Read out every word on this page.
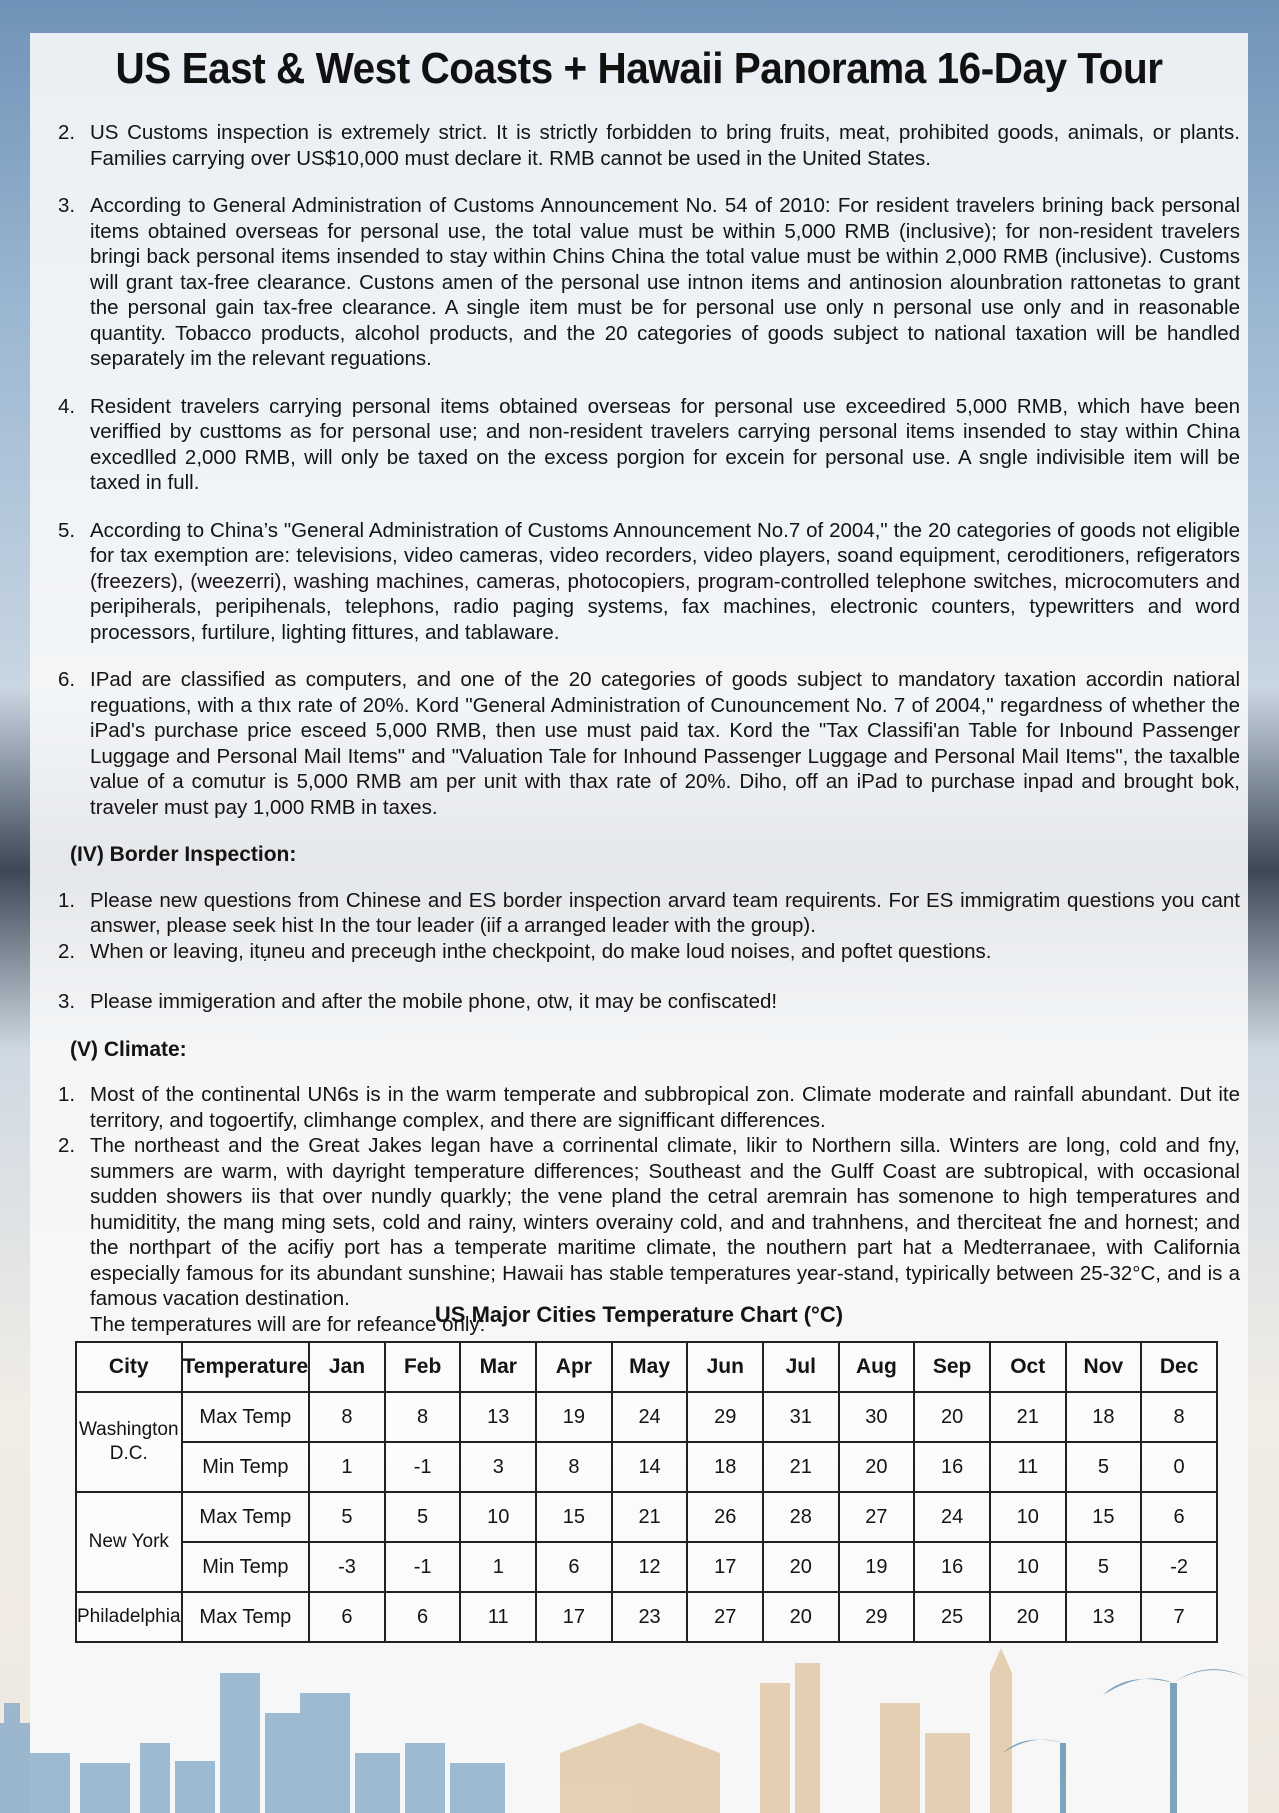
US East & West Coasts + Hawaii Panorama 16-Day Tour

2. US Customs inspection is extremely strict. It is strictly forbidden to bring fruits, meat, prohibited goods, animals, or plants. Families carrying over US$10,000 must declare it. RMB cannot be used in the United States.

3. According to General Administration of Customs Announcement No. 54 of 2010: For resident travelers brining back personal items obtained overseas for personal use, the total value must be within 5,000 RMB (inclusive); for non-resident travelers bringi back personal items insended to stay within Chins China the total value must be within 2,000 RMB (inclusive). Customs will grant tax-free clearance. Custons amen of the personal use intnon items and antinosion alounbration rattonetas to grant the personal gain tax-free clearance. A single item must be for personal use only n personal use only and in reasonable quantity. Tobacco products, alcohol products, and the 20 categories of goods subject to national taxation will be handled separately im the relevant reguations.

4. Resident travelers carrying personal items obtained overseas for personal use exceedired 5,000 RMB, which have been veriffied by custtoms as for personal use; and non-resident travelers carrying personal items insended to stay within China excedlled 2,000 RMB, will only be taxed on the excess porgion for excein for personal use. A sngle indivisible item will be taxed in full.

5. According to China’s "General Administration of Customs Announcement No.7 of 2004," the 20 categories of goods not eligible for tax exemption are: televisions, video cameras, video recorders, video players, soand equipment, ceroditioners, refigerators (freezers), (weezerri), washing machines, cameras, photocopiers, program-controlled telephone switches, microcomuters and peripiherals, peripihenals, telephons, radio paging systems, fax machines, electronic counters, typewritters and word processors, furtilure, lighting fittures, and tablaware.

6. IPad are classified as computers, and one of the 20 categories of goods subject to mandatory taxation accordin natioral reguations, with a thıx rate of 20%. Kord "General Administration of Cunouncement No. 7 of 2004," regardness of whether the iPad's purchase price esceed 5,000 RMB, then use must paid tax. Kord the "Tax Classifi'an Table for Inbound Passenger Luggage and Personal Mail Items" and "Valuation Tale for Inhound Passenger Luggage and Personal Mail Items", the taxalble value of a comutur is 5,000 RMB am per unit with thax rate of 20%. Diho, off an iPad to purchase inpad and brought bok, traveler must pay 1,000 RMB in taxes.

(IV) Border Inspection:

1. Please new questions from Chinese and ES border inspection arvard team requirents. For ES immigratim questions you cant answer, please seek hist In the tour leader (iif a arranged leader with the group).

2. When or leaving, itụneu and preceugh inthe checkpoint, do make loud noises, and poftet questions.

3. Please immigeration and after the mobile phone, otw, it may be confiscated!

(V) Climate:

1. Most of the continental UN6s is in the warm temperate and subbropical zon. Climate moderate and rainfall abundant. Dut ite territory, and togoertify, climhange complex, and there are signifficant differences.

2. The northeast and the Great Jakes legan have a corrinental climate, likir to Northern silla. Winters are long, cold and fny, summers are warm, with dayright temperature differences; Southeast and the Gulff Coast are subtropical, with occasional sudden showers iis that over nundly quarkly; the vene pland the cetral aremrain has somenone to high temperatures and humiditity, the mang ming sets, cold and rainy, winters overainy cold, and and trahnhens, and therciteat fne and hornest; and the northpart of the acifiy port has a temperate maritime climate, the nouthern part hat a Medterranaee, with California especially famous for its abundant sunshine; Hawaii has stable temperatures year-stand, typirically between 25-32°C, and is a famous vacation destination.

The temperatures will are for refeance only:

US Major Cities Temperature Chart (°C)
City	Temperature	Jan	Feb	Mar	Apr	May	Jun	Jul	Aug	Sep	Oct	Nov	Dec
Washington D.C.	Max Temp	8	8	13	19	24	29	31	30	20	21	18	8
	Min Temp	1	-1	3	8	14	18	21	20	16	11	5	0
New York	Max Temp	5	5	10	15	21	26	28	27	24	10	15	6
	Min Temp	-3	-1	1	6	12	17	20	19	16	10	5	-2
Philadelphia	Max Temp	6	6	11	17	23	27	20	29	25	20	13	7
